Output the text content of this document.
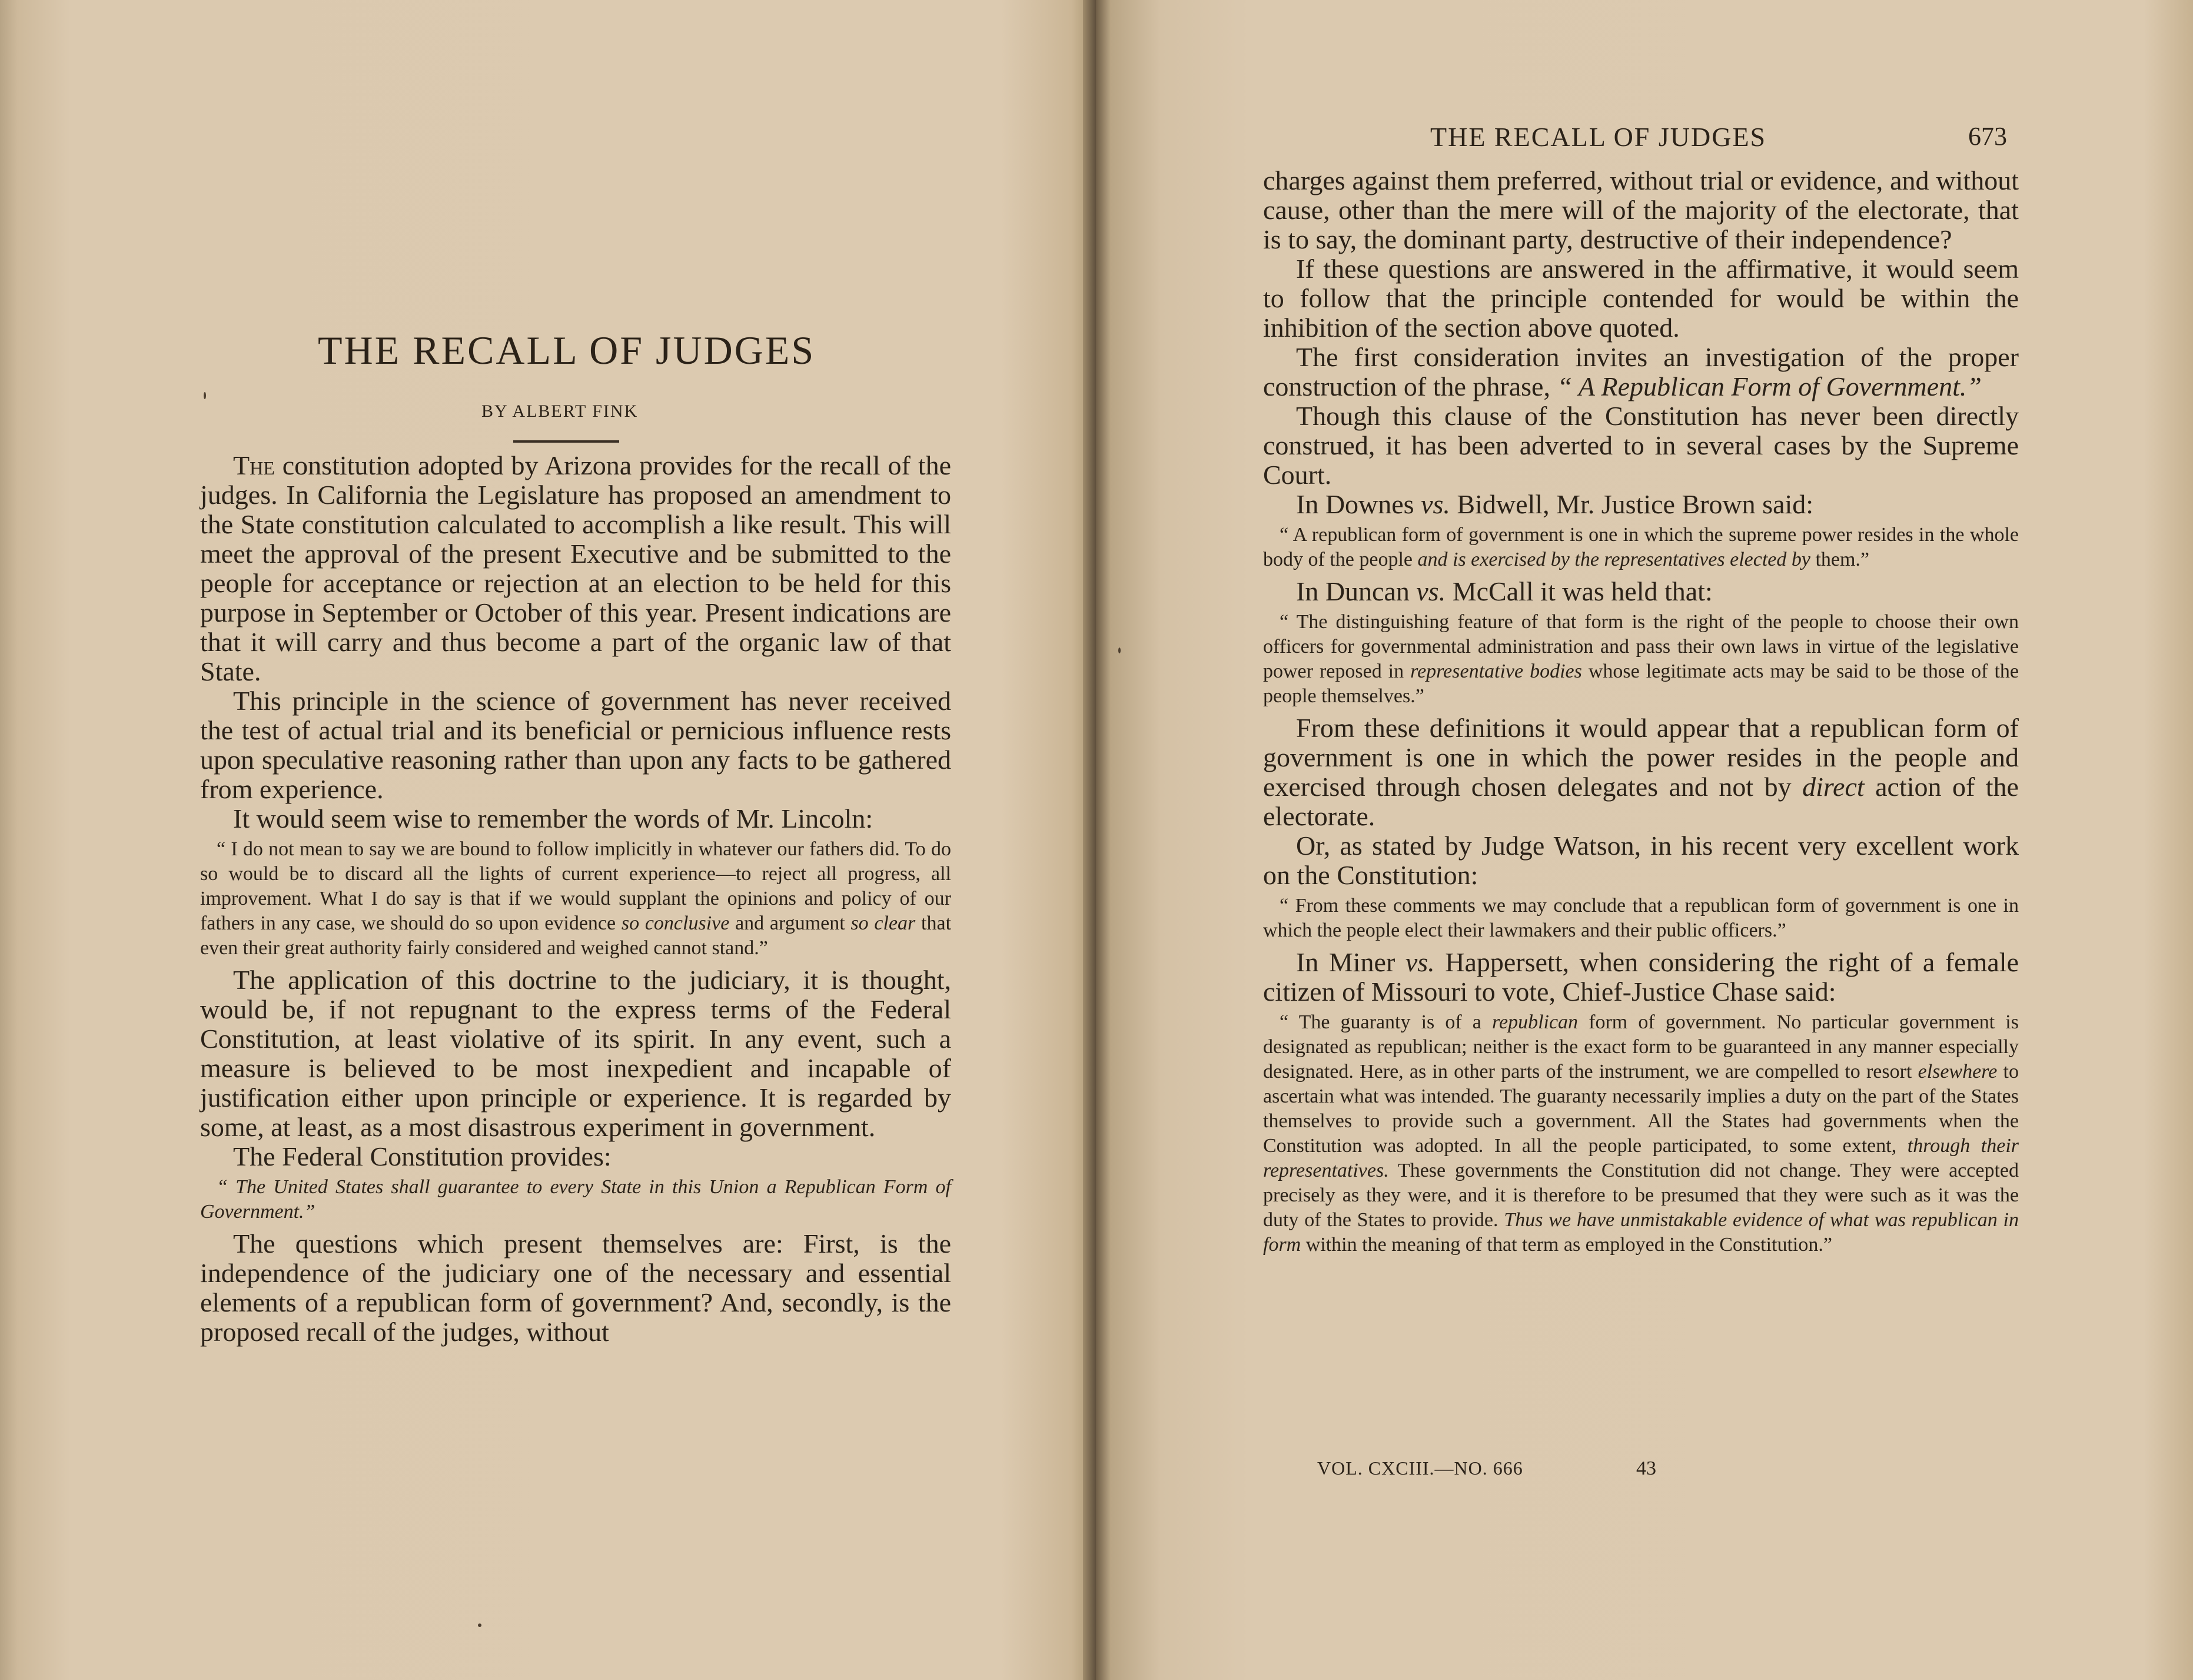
THE RECALL OF JUDGES
BY ALBERT FINK

The constitution adopted by Arizona provides for the recall of the judges. In California the Legislature has proposed an amendment to the State constitution calculated to accomplish a like result. This will meet the approval of the present Executive and be submitted to the people for acceptance or rejection at an election to be held for this purpose in September or October of this year. Present indications are that it will carry and thus become a part of the organic law of that State.

This principle in the science of government has never received the test of actual trial and its beneficial or pernicious influence rests upon speculative reasoning rather than upon any facts to be gathered from experience.

It would seem wise to remember the words of Mr. Lincoln:

“ I do not mean to say we are bound to follow implicitly in whatever our fathers did. To do so would be to discard all the lights of current experience—to reject all progress, all improvement. What I do say is that if we would supplant the opinions and policy of our fathers in any case, we should do so upon evidence so conclusive and argument so clear that even their great authority fairly considered and weighed cannot stand.”

The application of this doctrine to the judiciary, it is thought, would be, if not repugnant to the express terms of the Federal Constitution, at least violative of its spirit. In any event, such a measure is believed to be most inexpedient and incapable of justification either upon principle or experience. It is regarded by some, at least, as a most disastrous experiment in government.

The Federal Constitution provides:

“ The United States shall guarantee to every State in this Union a Republican Form of Government.”

The questions which present themselves are: First, is the independence of the judiciary one of the necessary and essential elements of a republican form of government? And, secondly, is the proposed recall of the judges, without

THE RECALL OF JUDGES	673

charges against them preferred, without trial or evidence, and without cause, other than the mere will of the majority of the electorate, that is to say, the dominant party, destructive of their independence?

If these questions are answered in the affirmative, it would seem to follow that the principle contended for would be within the inhibition of the section above quoted.

The first consideration invites an investigation of the proper construction of the phrase, “ A Republican Form of Government.”

Though this clause of the Constitution has never been directly construed, it has been adverted to in several cases by the Supreme Court.

In Downes vs. Bidwell, Mr. Justice Brown said:

“ A republican form of government is one in which the supreme power resides in the whole body of the people and is exercised by the representatives elected by them.”

In Duncan vs. McCall it was held that:

“ The distinguishing feature of that form is the right of the people to choose their own officers for governmental administration and pass their own laws in virtue of the legislative power reposed in representative bodies whose legitimate acts may be said to be those of the people themselves.”

From these definitions it would appear that a republican form of government is one in which the power resides in the people and exercised through chosen delegates and not by direct action of the electorate.

Or, as stated by Judge Watson, in his recent very excellent work on the Constitution:

“ From these comments we may conclude that a republican form of government is one in which the people elect their lawmakers and their public officers.”

In Miner vs. Happersett, when considering the right of a female citizen of Missouri to vote, Chief-Justice Chase said:

“ The guaranty is of a republican form of government. No particular government is designated as republican; neither is the exact form to be guaranteed in any manner especially designated. Here, as in other parts of the instrument, we are compelled to resort elsewhere to ascertain what was intended. The guaranty necessarily implies a duty on the part of the States themselves to provide such a government. All the States had governments when the Constitution was adopted. In all the people participated, to some extent, through their representatives. These governments the Constitution did not change. They were accepted precisely as they were, and it is therefore to be presumed that they were such as it was the duty of the States to provide. Thus we have unmistakable evidence of what was republican in form within the meaning of that term as employed in the Constitution.”

VOL. CXCIII.—NO. 666	43
